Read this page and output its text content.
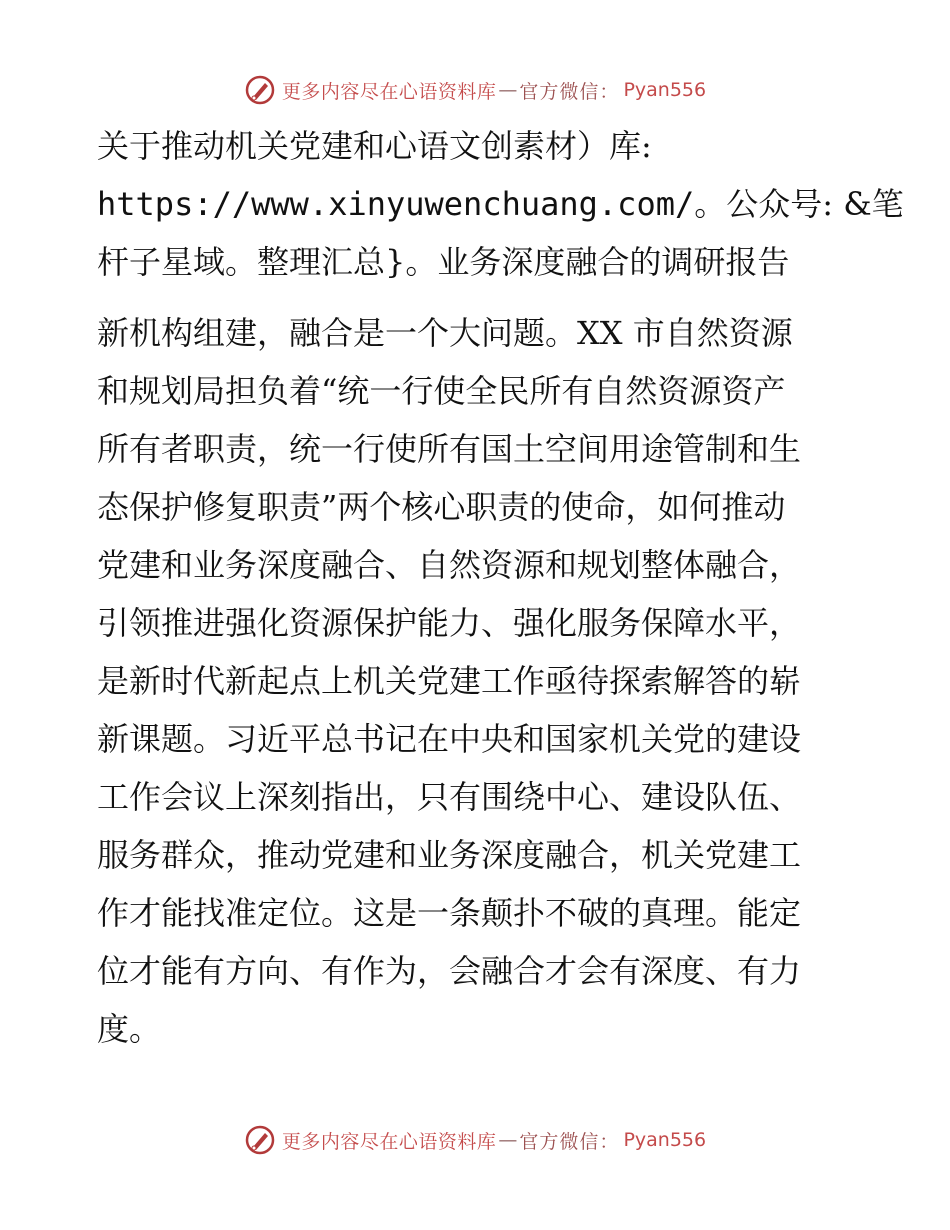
更多内容尽在心语资料库 — 官方微信： Pyan556
关于推动机关党建和心语文创素材）库:
https://www.xinyuwenchuang.com/。公众号: &笔
杆子星域。整理汇总}。业务深度融合的调研报告
新机构组建，融合是一个大问题。XX 市自然资源
和规划局担负着“统一行使全民所有自然资源资产
所有者职责，统一行使所有国土空间用途管制和生
态保护修复职责”两个核心职责的使命，如何推动
党建和业务深度融合、自然资源和规划整体融合，
引领推进强化资源保护能力、强化服务保障水平，
是新时代新起点上机关党建工作亟待探索解答的崭
新课题。习近平总书记在中央和国家机关党的建设
工作会议上深刻指出，只有围绕中心、建设队伍、
服务群众，推动党建和业务深度融合，机关党建工
作才能找准定位。这是一条颠扑不破的真理。能定
位才能有方向、有作为，会融合才会有深度、有力
度。
更多内容尽在心语资料库 — 官方微信： Pyan556
